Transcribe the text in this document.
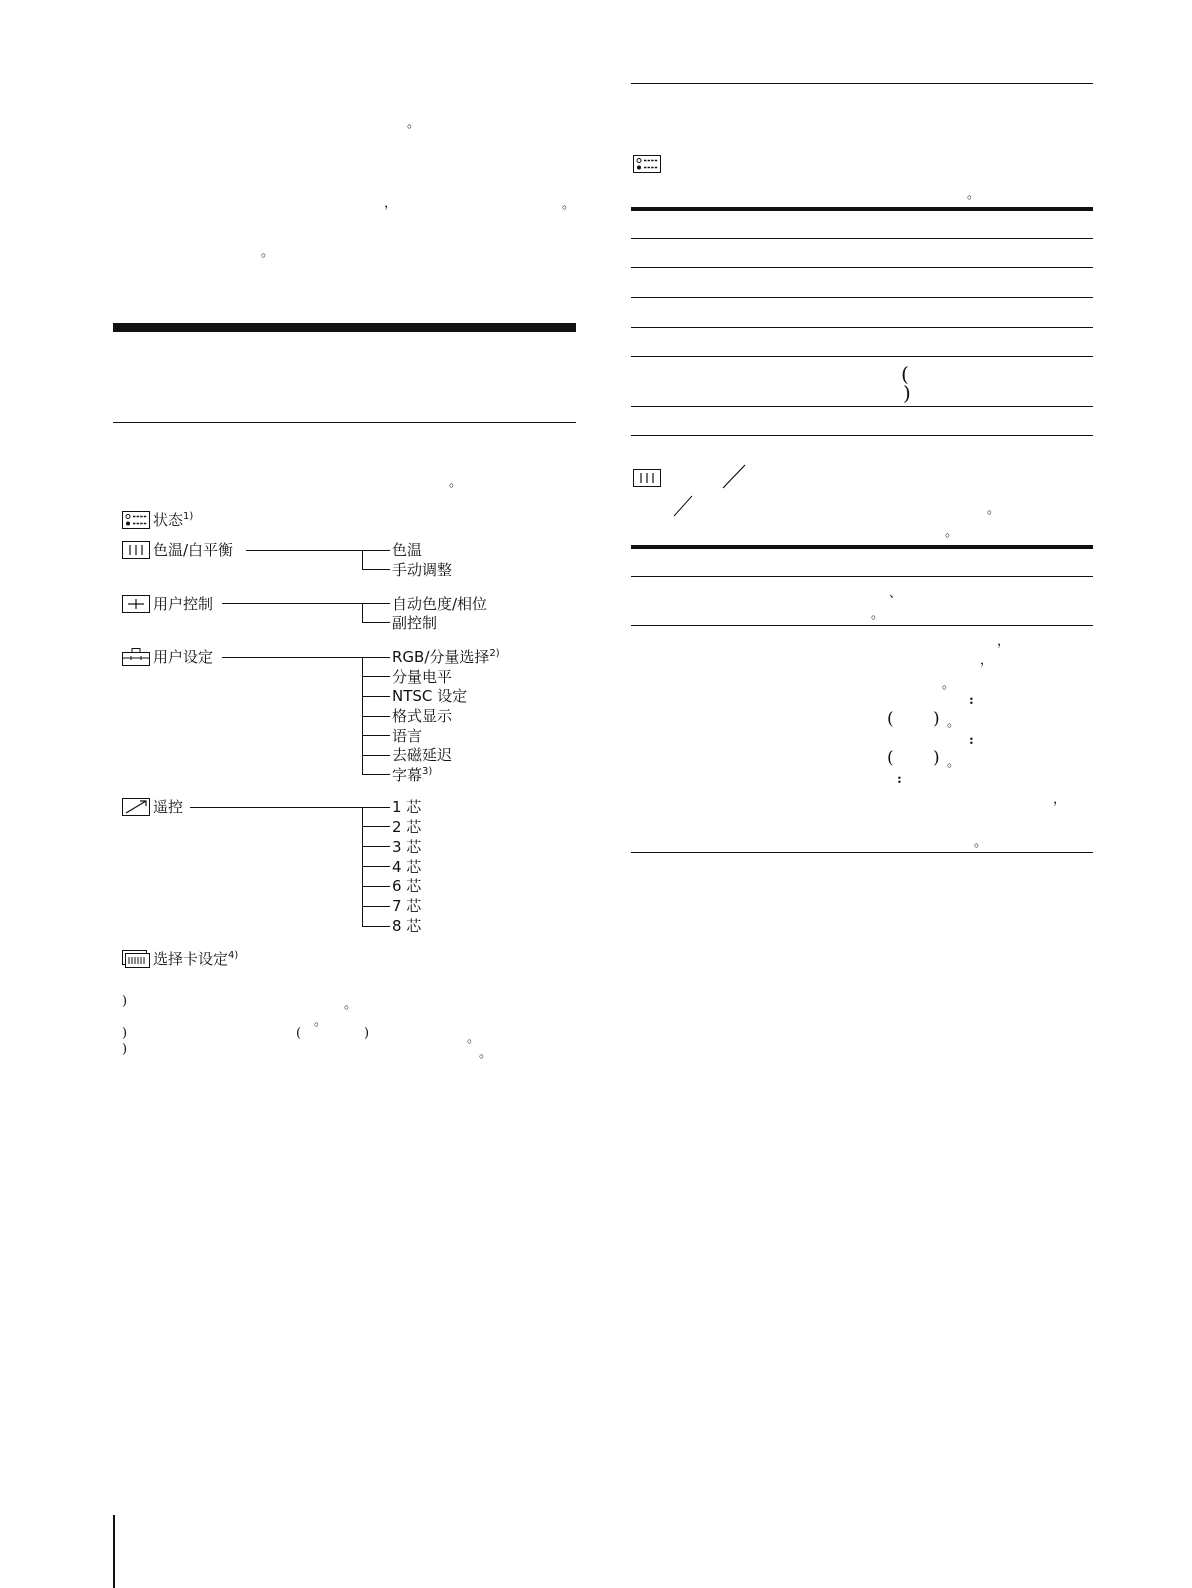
。
，	。
。
。
状态$^{1)}$
色温/白平衡	色温
手动调整
用户控制	自动色度/相位
副控制
用户设定	RGB/分量选择$^{2)}$
分量电平
NTSC 设定
格式显示
语言
去磁延迟
字幕$^{3)}$
遥控	1 芯
2 芯
3 芯
4 芯
6 芯
7 芯
8 芯
选择卡设定$^{4)}$
)	。
。
)	(	)	。
)	。
。
(
)
。
。
、
。
，
，
。
:
( ) 。
:
( ) 。
:
，
。
